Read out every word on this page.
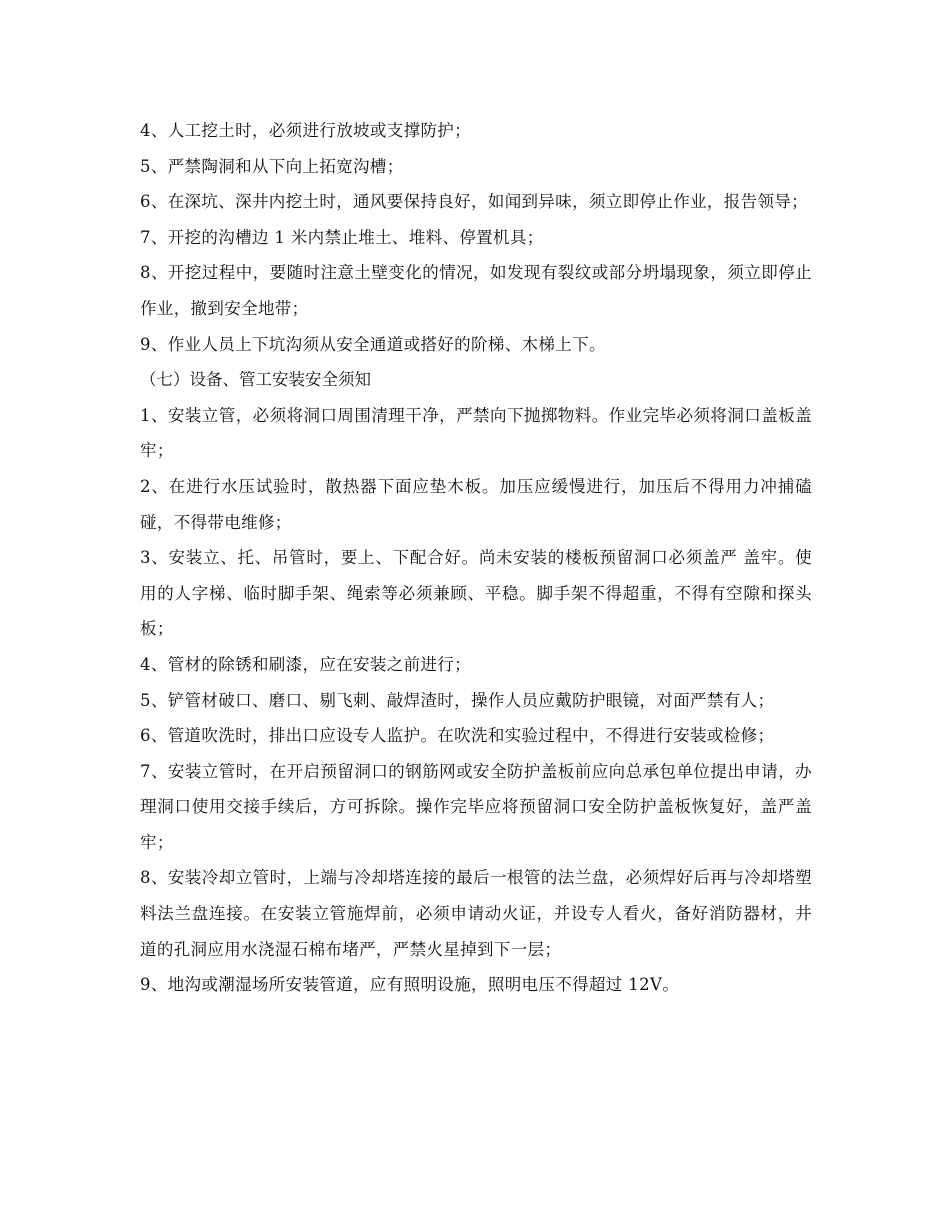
4、人工挖土时，必须进行放坡或支撑防护；

5、严禁陶洞和从下向上拓宽沟槽；

6、在深坑、深井内挖土时，通风要保持良好，如闻到异味，须立即停止作业，报告领导；

7、开挖的沟槽边 1 米内禁止堆土、堆料、停置机具；

8、开挖过程中，要随时注意土壁变化的情况，如发现有裂纹或部分坍塌现象，须立即停止作业，撤到安全地带；

9、作业人员上下坑沟须从安全通道或搭好的阶梯、木梯上下。

（七）设备、管工安装安全须知

1、安装立管，必须将洞口周围清理干净，严禁向下抛掷物料。作业完毕必须将洞口盖板盖牢；

2、在进行水压试验时，散热器下面应垫木板。加压应缓慢进行，加压后不得用力冲捕磕碰，不得带电维修；

3、安装立、托、吊管时，要上、下配合好。尚未安装的楼板预留洞口必须盖严 盖牢。使用的人字梯、临时脚手架、绳索等必须兼顾、平稳。脚手架不得超重，不得有空隙和探头板；

4、管材的除锈和刷漆，应在安装之前进行；

5、铲管材破口、磨口、剔飞刺、敲焊渣时，操作人员应戴防护眼镜，对面严禁有人；

6、管道吹洗时，排出口应设专人监护。在吹洗和实验过程中，不得进行安装或检修；

7、安装立管时，在开启预留洞口的钢筋网或安全防护盖板前应向总承包单位提出申请，办理洞口使用交接手续后，方可拆除。操作完毕应将预留洞口安全防护盖板恢复好，盖严盖牢；

8、安装冷却立管时，上端与冷却塔连接的最后一根管的法兰盘，必须焊好后再与冷却塔塑料法兰盘连接。在安装立管施焊前，必须申请动火证，并设专人看火，备好消防器材，井道的孔洞应用水浇湿石棉布堵严，严禁火星掉到下一层；

9、地沟或潮湿场所安装管道，应有照明设施，照明电压不得超过 12V。
